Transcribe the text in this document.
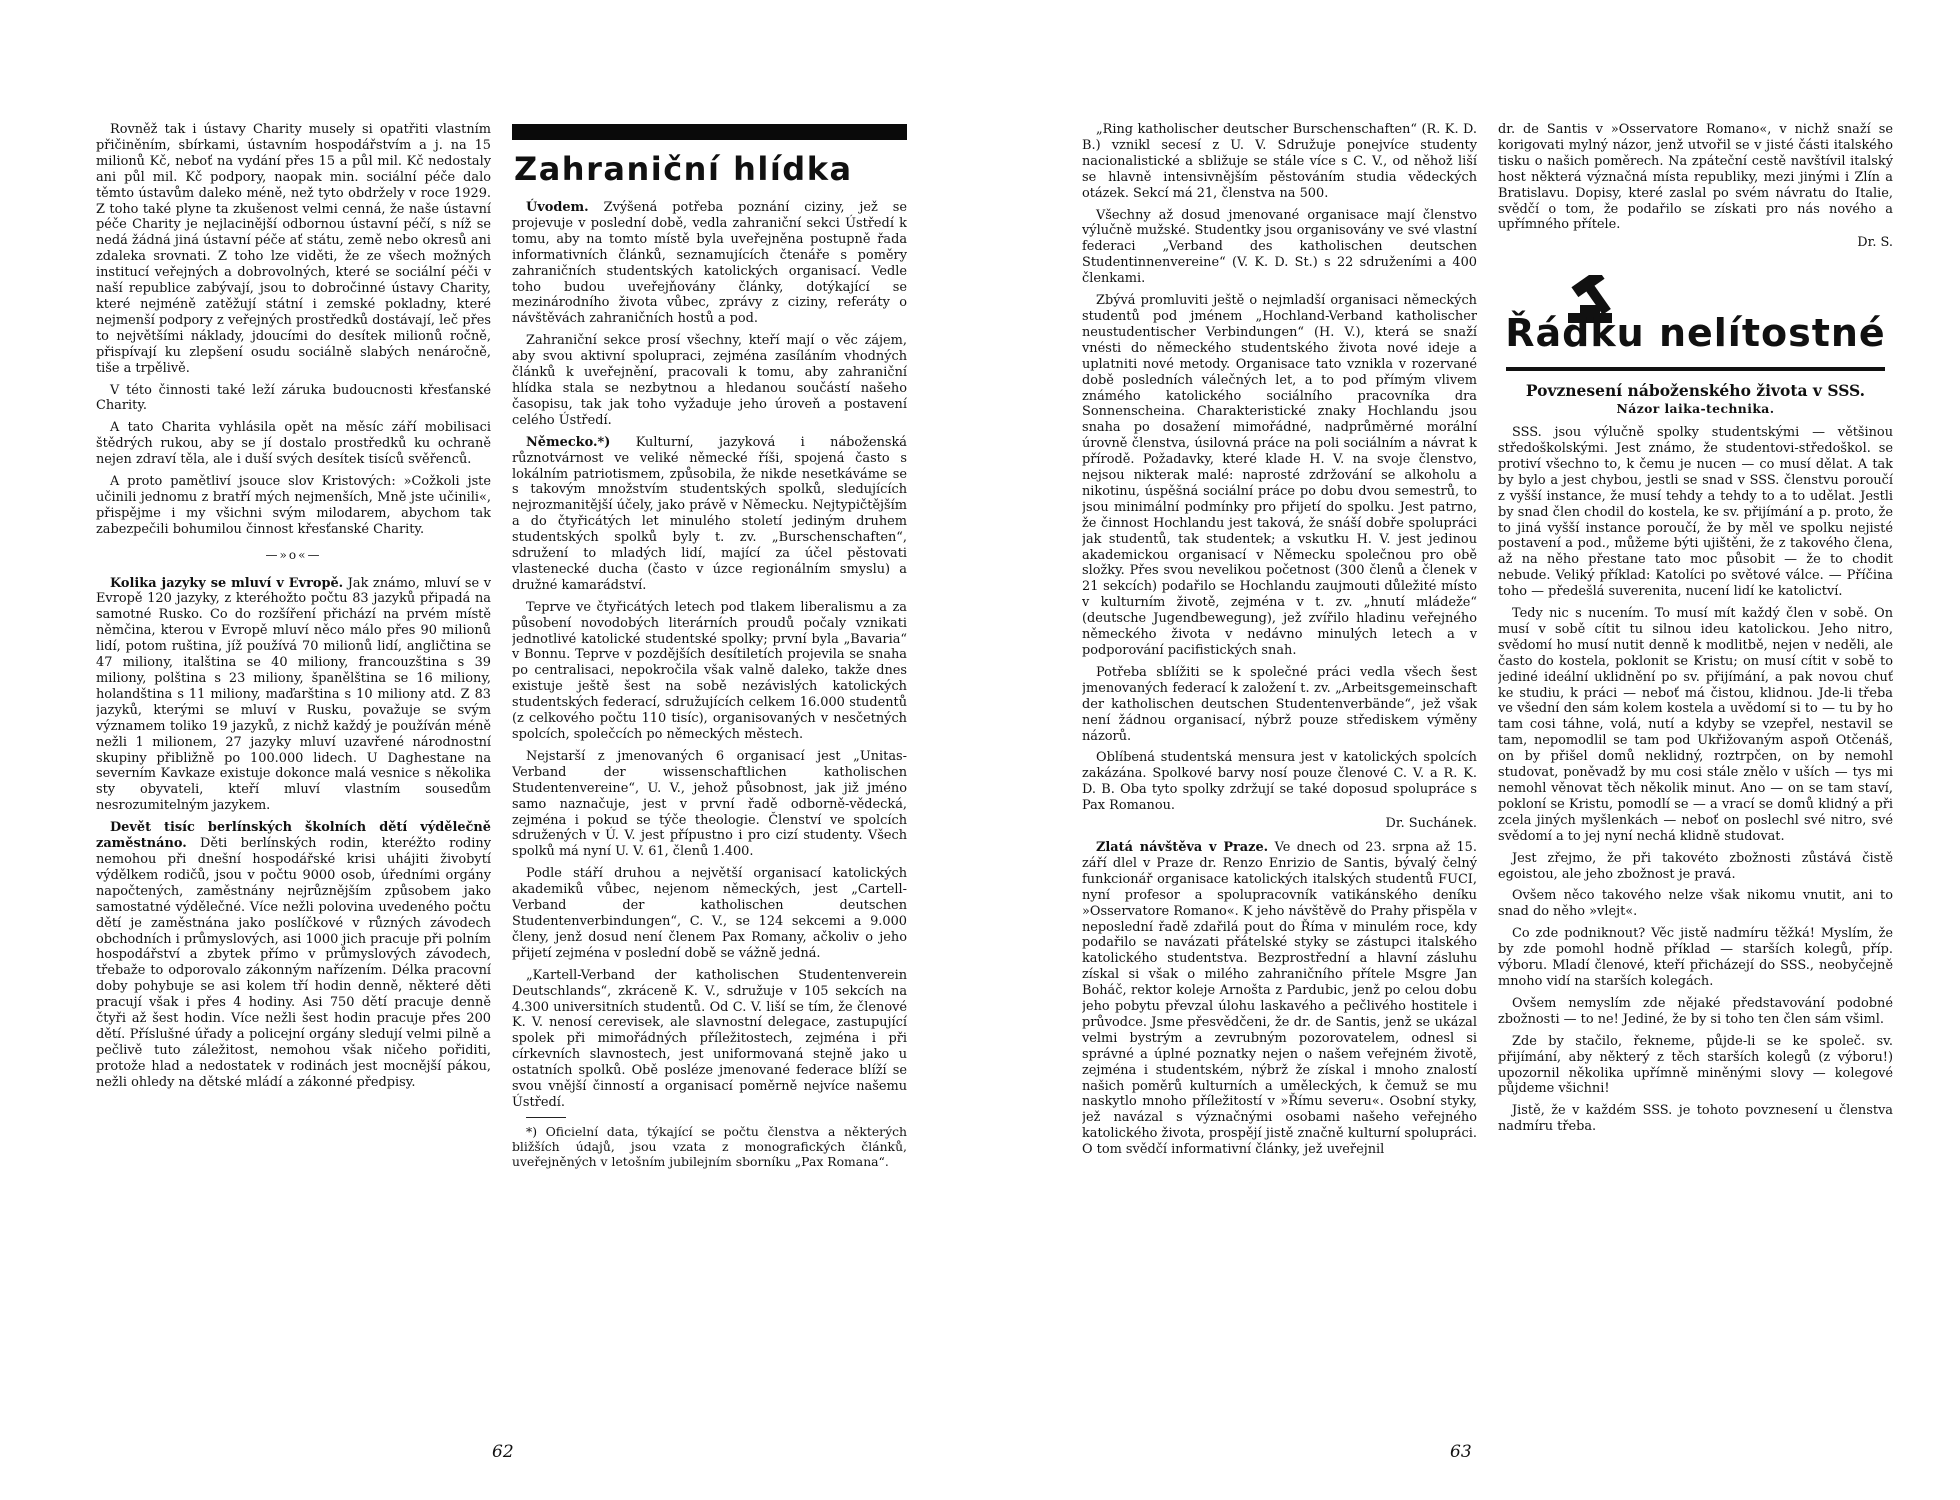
Rovněž tak i ústavy Charity musely si opatřiti vlastním přičiněním, sbírkami, ústavním hospodářstvím a j. na 15 milionů Kč, neboť na vydání přes 15 a půl mil. Kč nedostaly ani půl mil. Kč podpory, naopak min. sociální péče dalo těmto ústavům daleko méně, než tyto obdržely v roce 1929. Z toho také plyne ta zkušenost velmi cenná, že naše ústavní péče Charity je nejlacinější odbornou ústavní péčí, s níž se nedá žádná jiná ústavní péče ať státu, země nebo okresů ani zdaleka srovnati. Z toho lze viděti, že ze všech možných institucí veřejných a dobrovolných, které se sociální péči v naší republice zabývají, jsou to dobročinné ústavy Charity, které nejméně zatěžují státní i zemské pokladny, které nejmenší podpory z veřejných prostředků dostávají, leč přes to největšími náklady, jdoucími do desítek milionů ročně, přispívají ku zlepšení osudu sociálně slabých nenáročně, tiše a trpělivě.

V této činnosti také leží záruka budoucnosti křesťanské Charity.

A tato Charita vyhlásila opět na měsíc září mobilisaci štědrých rukou, aby se jí dostalo prostředků ku ochraně nejen zdraví těla, ale i duší svých desítek tisíců svěřenců.

A proto pamětliví jsouce slov Kristových: »Cožkoli jste učinili jednomu z bratří mých nejmenších, Mně jste učinili«, přispějme i my všichni svým milodarem, abychom tak zabezpečili bohumilou činnost křesťanské Charity.

—»o«—

Kolika jazyky se mluví v Evropě. Jak známo, mluví se v Evropě 120 jazyky, z kteréhožto počtu 83 jazyků připadá na samotné Rusko. Co do rozšíření přichází na prvém místě němčina, kterou v Evropě mluví něco málo přes 90 milionů lidí, potom ruština, jíž používá 70 milionů lidí, angličtina se 47 miliony, italština se 40 miliony, francouzština s 39 miliony, polština s 23 miliony, španělština se 16 miliony, holandština s 11 miliony, maďarština s 10 miliony atd. Z 83 jazyků, kterými se mluví v Rusku, považuje se svým významem toliko 19 jazyků, z nichž každý je používán méně nežli 1 milionem, 27 jazyky mluví uzavřené národnostní skupiny přibližně po 100.000 lidech. U Daghestane na severním Kavkaze existuje dokonce malá vesnice s několika sty obyvateli, kteří mluví vlastním sousedům nesrozumitelným jazykem.

Devět tisíc berlínských školních dětí výdělečně zaměstnáno. Děti berlínských rodin, kteréžto rodiny nemohou při dnešní hospodářské krisi uhájiti živobytí výdělkem rodičů, jsou v počtu 9000 osob, úředními orgány napočtených, zaměstnány nejrůznějším způsobem jako samostatné výdělečné. Více nežli polovina uvedeného počtu dětí je zaměstnána jako poslíčkové v různých závodech obchodních i průmyslových, asi 1000 jich pracuje při polním hospodářství a zbytek přímo v průmyslových závodech, třebaže to odporovalo zákonným nařízením. Délka pracovní doby pohybuje se asi kolem tří hodin denně, některé děti pracují však i přes 4 hodiny. Asi 750 dětí pracuje denně čtyři až šest hodin. Více nežli šest hodin pracuje přes 200 dětí. Příslušné úřady a policejní orgány sledují velmi pilně a pečlivě tuto záležitost, nemohou však ničeho pořiditi, protože hlad a nedostatek v rodinách jest mocnější pákou, nežli ohledy na dětské mládí a zákonné předpisy.

Zahraniční hlídka

Úvodem. Zvýšená potřeba poznání ciziny, jež se projevuje v poslední době, vedla zahraniční sekci Ústředí k tomu, aby na tomto místě byla uveřejněna postupně řada informativních článků, seznamujících čtenáře s poměry zahraničních studentských katolických organisací. Vedle toho budou uveřejňovány články, dotýkající se mezinárodního života vůbec, zprávy z ciziny, referáty o návštěvách zahraničních hostů a pod.

Zahraniční sekce prosí všechny, kteří mají o věc zájem, aby svou aktivní spolupraci, zejména zasíláním vhodných článků k uveřejnění, pracovali k tomu, aby zahraniční hlídka stala se nezbytnou a hledanou součástí našeho časopisu, tak jak toho vyžaduje jeho úroveň a postavení celého Ústředí.

Německo.*) Kulturní, jazyková i náboženská různotvárnost ve veliké německé říši, spojená často s lokálním patriotismem, způsobila, že nikde nesetkáváme se s takovým množstvím studentských spolků, sledujících nejrozmanitější účely, jako právě v Německu. Nejtypičtějším a do čtyřicátých let minulého století jediným druhem studentských spolků byly t. zv. „Burschenschaften“, sdružení to mladých lidí, mající za účel pěstovati vlastenecké ducha (často v úzce regionálním smyslu) a družné kamarádství.

Teprve ve čtyřicátých letech pod tlakem liberalismu a za působení novodobých literárních proudů počaly vznikati jednotlivé katolické studentské spolky; první byla „Bavaria“ v Bonnu. Teprve v pozdějších desítiletích projevila se snaha po centralisaci, nepokročila však valně daleko, takže dnes existuje ještě šest na sobě nezávislých katolických studentských federací, sdružujících celkem 16.000 studentů (z celkového počtu 110 tisíc), organisovaných v nesčetných spolcích, společcích po německých městech.

Nejstarší z jmenovaných 6 organisací jest „Unitas-Verband der wissenschaftlichen katholischen Studentenvereine“, U. V., jehož působnost, jak již jméno samo naznačuje, jest v první řadě odborně-vědecká, zejména i pokud se týče theologie. Členství ve spolcích sdružených v Ú. V. jest přípustno i pro cizí studenty. Všech spolků má nyní U. V. 61, členů 1.400.

Podle stáří druhou a největší organisací katolických akademiků vůbec, nejenom německých, jest „Cartell-Verband der katholischen deutschen Studentenverbindungen“, C. V., se 124 sekcemi a 9.000 členy, jenž dosud není členem Pax Romany, ačkoliv o jeho přijetí zejména v poslední době se vážně jedná.

„Kartell-Verband der katholischen Studentenverein Deutschlands“, zkráceně K. V., sdružuje v 105 sekcích na 4.300 universitních studentů. Od C. V. liší se tím, že členové K. V. nenosí cerevisek, ale slavnostní delegace, zastupující spolek při mimořádných příležitostech, zejména i při církevních slavnostech, jest uniformovaná stejně jako u ostatních spolků. Obě posléze jmenované federace blíží se svou vnější činností a organisací poměrně nejvíce našemu Ústředí.

*) Oficielní data, týkající se počtu členstva a některých bližších údajů, jsou vzata z monografických článků, uveřejněných v letošním jubilejním sborníku „Pax Romana“.

62

„Ring katholischer deutscher Burschenschaften“ (R. K. D. B.) vznikl secesí z U. V. Sdružuje ponejvíce studenty nacionalistické a sbližuje se stále více s C. V., od něhož liší se hlavně intensivnějším pěstováním studia vědeckých otázek. Sekcí má 21, členstva na 500.

Všechny až dosud jmenované organisace mají členstvo výlučně mužské. Studentky jsou organisovány ve své vlastní federaci „Verband des katholischen deutschen Studentinnenvereine“ (V. K. D. St.) s 22 sdruženími a 400 členkami.

Zbývá promluviti ještě o nejmladší organisaci německých studentů pod jménem „Hochland-Verband katholischer neustudentischer Verbindungen“ (H. V.), která se snaží vnésti do německého studentského života nové ideje a uplatniti nové metody. Organisace tato vznikla v rozervané době posledních válečných let, a to pod přímým vlivem známého katolického sociálního pracovníka dra Sonnenscheina. Charakteristické znaky Hochlandu jsou snaha po dosažení mimořádné, nadprůměrné morální úrovně členstva, úsilovná práce na poli sociálním a návrat k přírodě. Požadavky, které klade H. V. na svoje členstvo, nejsou nikterak malé: naprosté zdržování se alkoholu a nikotinu, úspěšná sociální práce po dobu dvou semestrů, to jsou minimální podmínky pro přijetí do spolku. Jest patrno, že činnost Hochlandu jest taková, že snáší dobře spolupráci jak studentů, tak studentek; a vskutku H. V. jest jedinou akademickou organisací v Německu společnou pro obě složky. Přes svou nevelikou početnost (300 členů a členek v 21 sekcích) podařilo se Hochlandu zaujmouti důležité místo v kulturním životě, zejména v t. zv. „hnutí mládeže“ (deutsche Jugendbewegung), jež zvířilo hladinu veřejného německého života v nedávno minulých letech a v podporování pacifistických snah.

Potřeba sblížiti se k společné práci vedla všech šest jmenovaných federací k založení t. zv. „Arbeitsgemeinschaft der katholischen deutschen Studentenverbände“, jež však není žádnou organisací, nýbrž pouze střediskem výměny názorů.

Oblíbená studentská mensura jest v katolických spolcích zakázána. Spolkové barvy nosí pouze členové C. V. a R. K. D. B. Oba tyto spolky zdržují se také doposud spolupráce s Pax Romanou.

Dr. Suchánek.

Zlatá návštěva v Praze. Ve dnech od 23. srpna až 15. září dlel v Praze dr. Renzo Enrizio de Santis, bývalý čelný funkcionář organisace katolických italských studentů FUCI, nyní profesor a spolupracovník vatikánského deníku »Osservatore Romano«. K jeho návštěvě do Prahy přispěla v neposlední řadě zdařilá pout do Říma v minulém roce, kdy podařilo se navázati přátelské styky se zástupci italského katolického studentstva. Bezprostřední a hlavní zásluhu získal si však o milého zahraničního přítele Msgre Jan Boháč, rektor koleje Arnošta z Pardubic, jenž po celou dobu jeho pobytu převzal úlohu laskavého a pečlivého hostitele i průvodce. Jsme přesvědčeni, že dr. de Santis, jenž se ukázal velmi bystrým a zevrubným pozorovatelem, odnesl si správné a úplné poznatky nejen o našem veřejném životě, zejména i studentském, nýbrž že získal i mnoho znalostí našich poměrů kulturních a uměleckých, k čemuž se mu naskytlo mnoho příležitostí v »Římu severu«. Osobní styky, jež navázal s význačnými osobami našeho veřejného katolického života, prospějí jistě značně kulturní spolupráci. O tom svědčí informativní články, jež uveřejnil

dr. de Santis v »Osservatore Romano«, v nichž snaží se korigovati mylný názor, jenž utvořil se v jisté části italského tisku o našich poměrech. Na zpáteční cestě navštívil italský host některá význačná místa republiky, mezi jinými i Zlín a Bratislavu. Dopisy, které zaslal po svém návratu do Italie, svědčí o tom, že podařilo se získati pro nás nového a upřímného přítele.

Dr. S.
Řádku nelítostné
Povznesení náboženského života v SSS.
Názor laika-technika.

SSS. jsou výlučně spolky studentskými — většinou středoškolskými. Jest známo, že studentovi-středoškol. se protiví všechno to, k čemu je nucen — co musí dělat. A tak by bylo a jest chybou, jestli se snad v SSS. členstvu poroučí z vyšší instance, že musí tehdy a tehdy to a to udělat. Jestli by snad člen chodil do kostela, ke sv. přijímání a p. proto, že to jiná vyšší instance poroučí, že by měl ve spolku nejisté postavení a pod., můžeme býti ujištěni, že z takového člena, až na něho přestane tato moc působit — že to chodit nebude. Veliký příklad: Katolíci po světové válce. — Příčina toho — předešlá suverenita, nucení lidí ke katolictví.

Tedy nic s nucením. To musí mít každý člen v sobě. On musí v sobě cítit tu silnou ideu katolickou. Jeho nitro, svědomí ho musí nutit denně k modlitbě, nejen v neděli, ale často do kostela, poklonit se Kristu; on musí cítit v sobě to jediné ideální uklidnění po sv. přijímání, a pak novou chuť ke studiu, k práci — neboť má čistou, klidnou. Jde-li třeba ve všední den sám kolem kostela a uvědomí si to — tu by ho tam cosi táhne, volá, nutí a kdyby se vzepřel, nestavil se tam, nepomodlil se tam pod Ukřižovaným aspoň Otčenáš, on by přišel domů neklidný, roztrpčen, on by nemohl studovat, poněvadž by mu cosi stále znělo v uších — tys mi nemohl věnovat těch několik minut. Ano — on se tam staví, pokloní se Kristu, pomodlí se — a vrací se domů klidný a při zcela jiných myšlenkách — neboť on poslechl své nitro, své svědomí a to jej nyní nechá klidně studovat.

Jest zřejmo, že při takovéto zbožnosti zůstává čistě egoistou, ale jeho zbožnost je pravá.

Ovšem něco takového nelze však nikomu vnutit, ani to snad do něho »vlejt«.

Co zde podniknout? Věc jistě nadmíru těžká! Myslím, že by zde pomohl hodně příklad — starších kolegů, příp. výboru. Mladí členové, kteří přicházejí do SSS., neobyčejně mnoho vidí na starších kolegách.

Ovšem nemyslím zde nějaké představování podobné zbožnosti — to ne! Jediné, že by si toho ten člen sám všiml.

Zde by stačilo, řekneme, půjde-li se ke společ. sv. přijímání, aby některý z těch starších kolegů (z výboru!) upozornil několika upřímně miněnými slovy — kolegové půjdeme všichni!

Jistě, že v každém SSS. je tohoto povznesení u členstva nadmíru třeba.

63
